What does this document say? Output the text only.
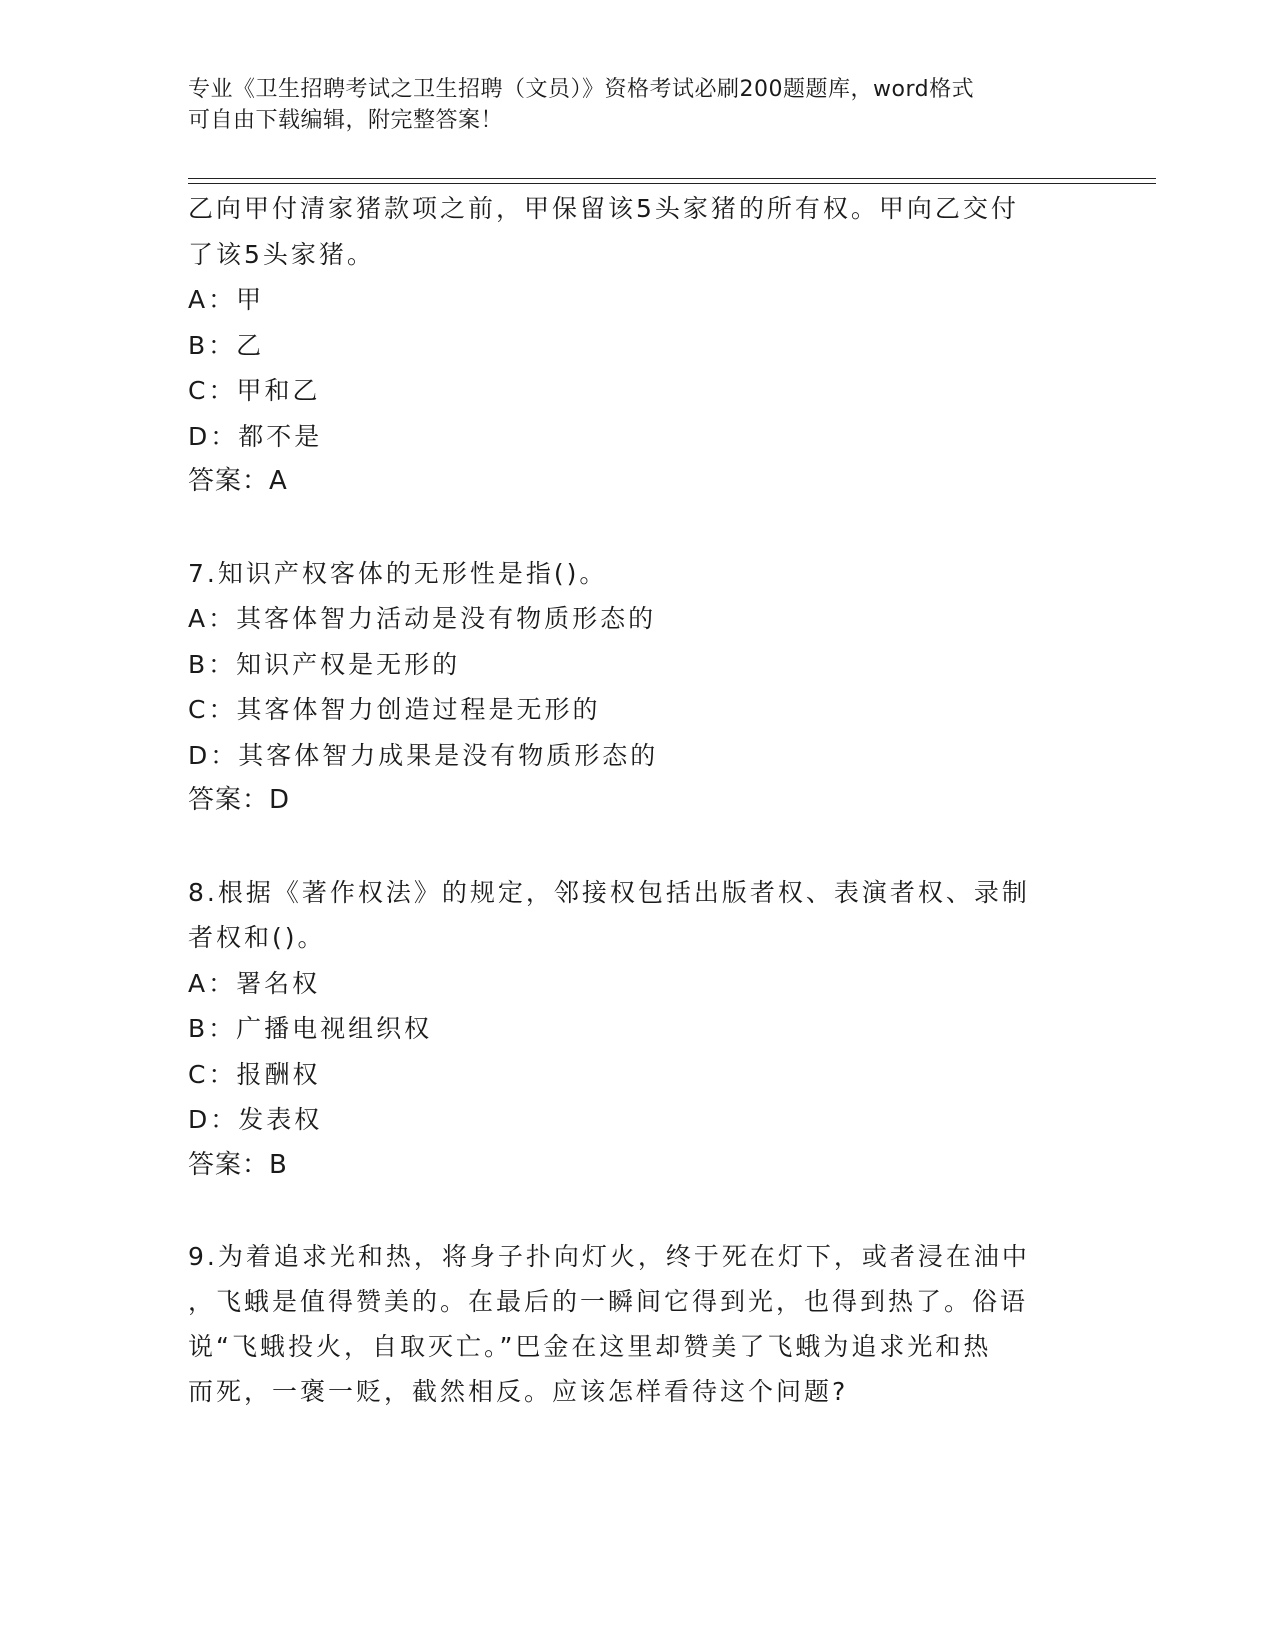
专业《卫生招聘考试之卫生招聘（文员）》资格考试必刷200题题库，word格式
可自由下载编辑，附完整答案！
乙向甲付清家猪款项之前，甲保留该5头家猪的所有权。甲向乙交付
了该5头家猪。
A：甲
B：乙
C：甲和乙
D：都不是
答案：A
7.知识产权客体的无形性是指()。
A：其客体智力活动是没有物质形态的
B：知识产权是无形的
C：其客体智力创造过程是无形的
D：其客体智力成果是没有物质形态的
答案：D
8.根据《著作权法》的规定，邻接权包括出版者权、表演者权、录制
者权和()。
A：署名权
B：广播电视组织权
C：报酬权
D：发表权
答案：B
9.为着追求光和热，将身子扑向灯火，终于死在灯下，或者浸在油中
，飞蛾是值得赞美的。在最后的一瞬间它得到光，也得到热了。俗语
说“飞蛾投火，自取灭亡。”巴金在这里却赞美了飞蛾为追求光和热
而死，一褒一贬，截然相反。应该怎样看待这个问题?
